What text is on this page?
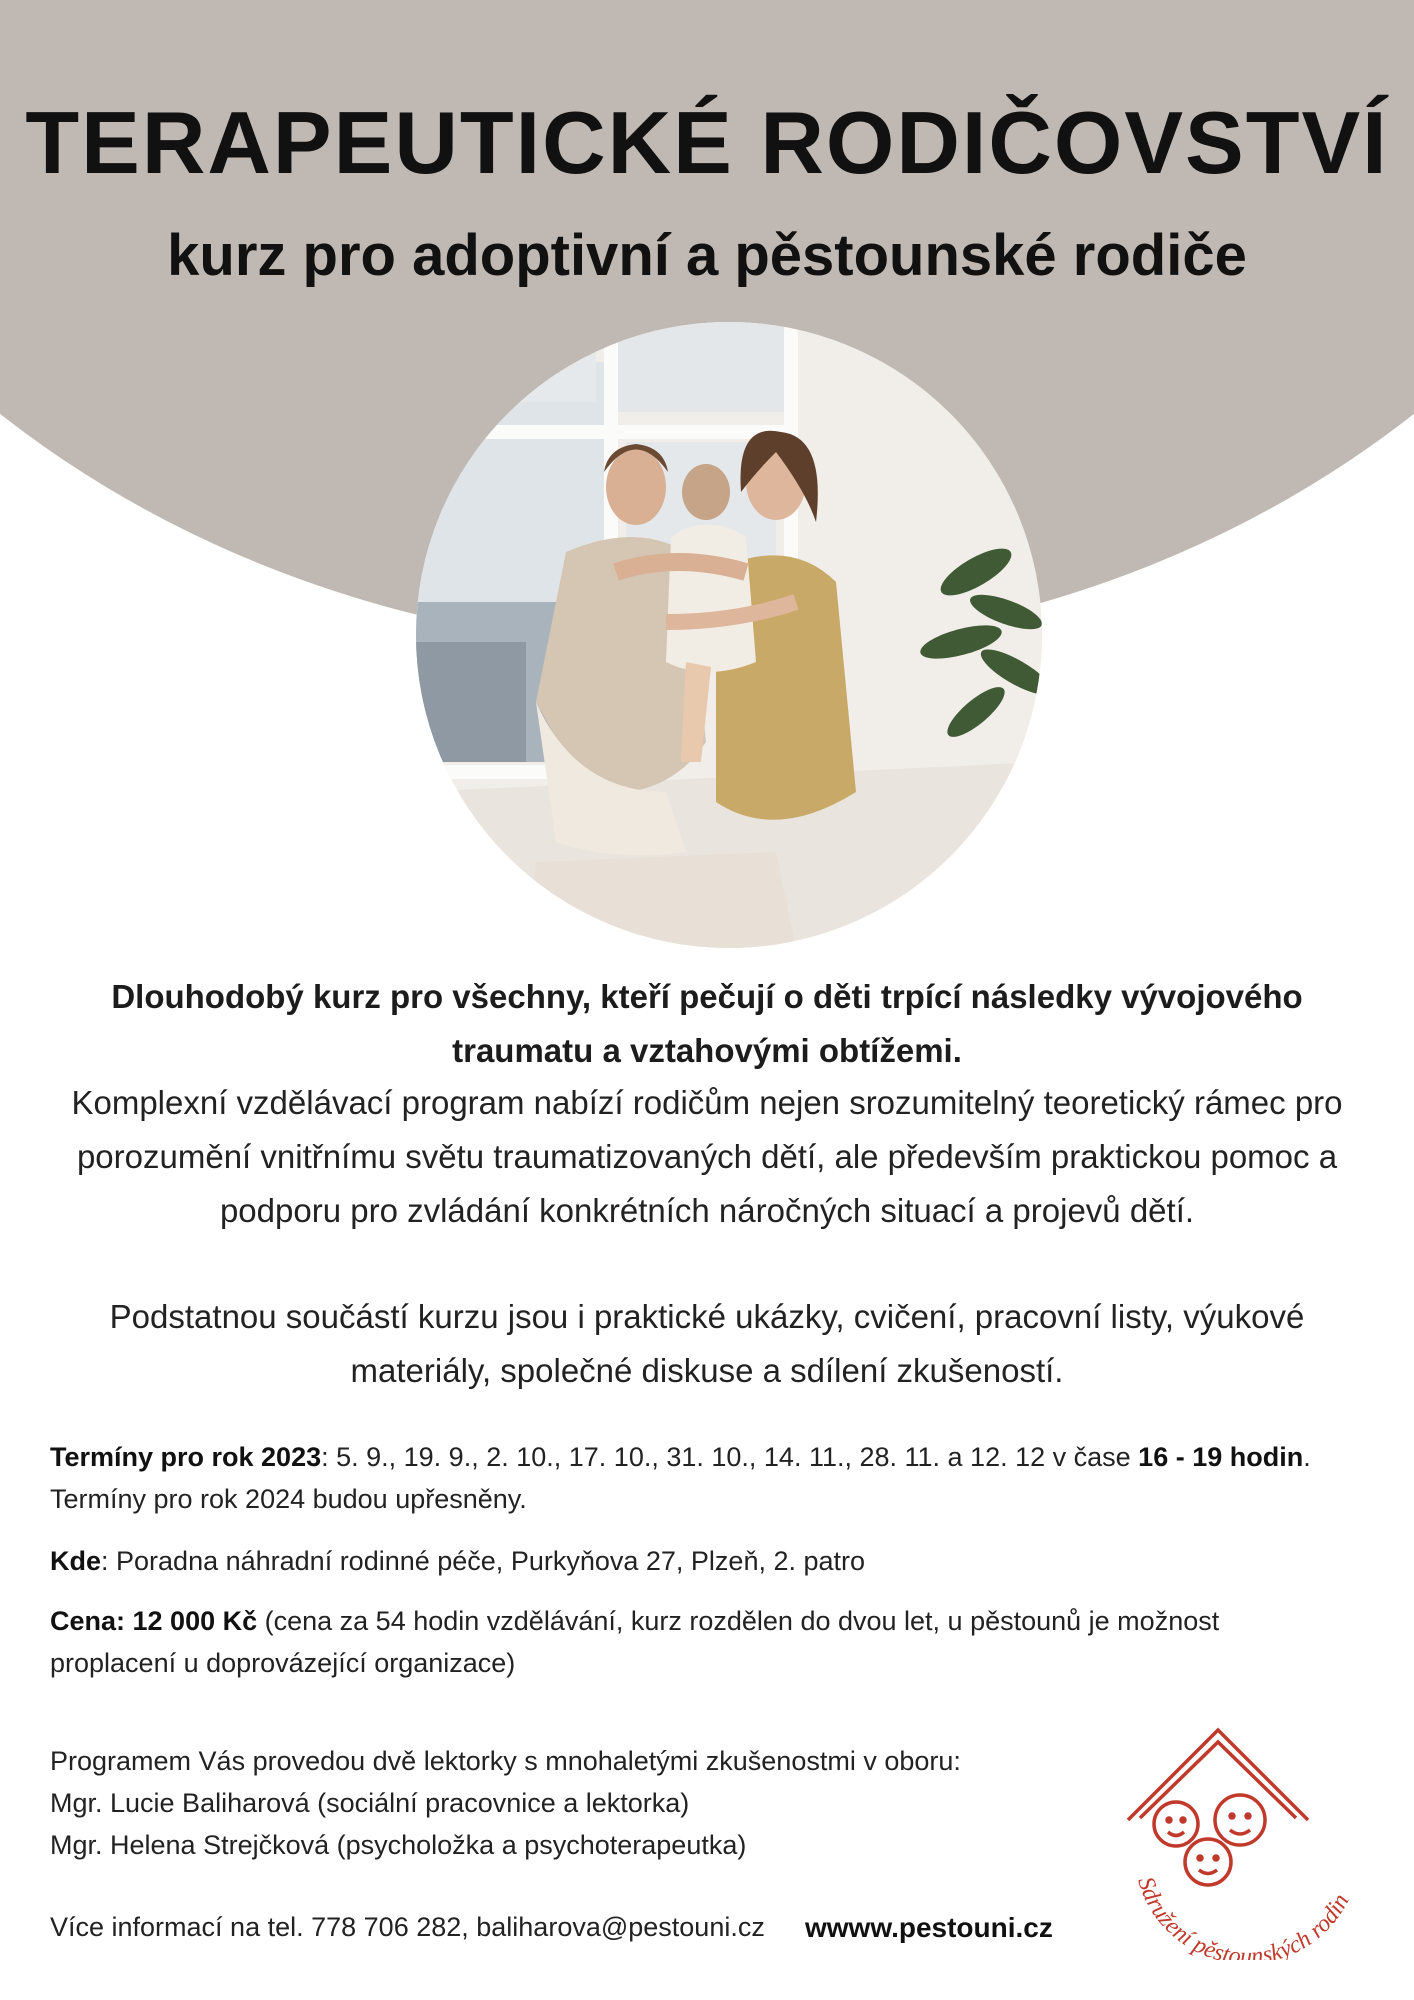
TERAPEUTICKÉ RODIČOVSTVÍ
kurz pro adoptivní a pěstounské rodiče

Dlouhodobý kurz pro všechny, kteří pečují o děti trpící následky vývojového traumatu a vztahovými obtížemi.

Komplexní vzdělávací program nabízí rodičům nejen srozumitelný teoretický rámec pro porozumění vnitřnímu světu traumatizovaných dětí, ale především praktickou pomoc a podporu pro zvládání konkrétních náročných situací a projevů dětí.

Podstatnou součástí kurzu jsou i praktické ukázky, cvičení, pracovní listy, výukové materiály, společné diskuse a sdílení zkušeností.

Termíny pro rok 2023: 5. 9., 19. 9., 2. 10., 17. 10., 31. 10., 14. 11., 28. 11. a 12. 12 v čase 16 - 19 hodin.
Termíny pro rok 2024 budou upřesněny.

Kde: Poradna náhradní rodinné péče, Purkyňova 27, Plzeň, 2. patro

Cena: 12 000 Kč (cena za 54 hodin vzdělávání, kurz rozdělen do dvou let, u pěstounů je možnost proplacení u doprovázející organizace)

Programem Vás provedou dvě lektorky s mnohaletými zkušenostmi v oboru:
Mgr. Lucie Baliharová (sociální pracovnice a lektorka)
Mgr. Helena Strejčková (psycholožka a psychoterapeutka)

Více informací na tel. 778 706 282, baliharova@pestouni.cz wwww.pestouni.cz

Sdružení pěstounských rodin
